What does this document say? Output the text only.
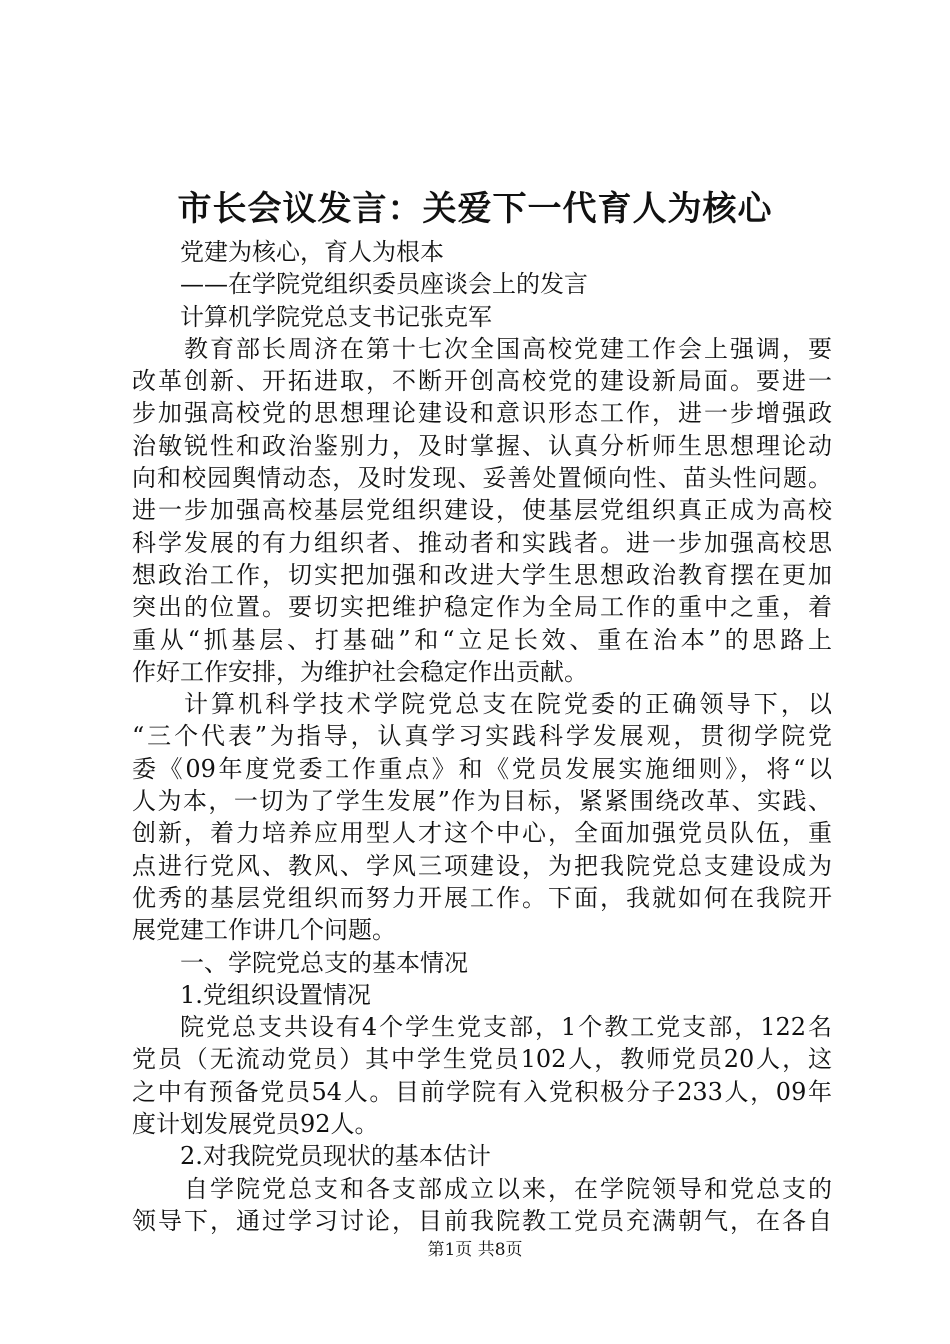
市长会议发言：关爱下一代育人为核心
党建为核心，育人为根本
——在学院党组织委员座谈会上的发言
计算机学院党总支书记张克军
教育部长周济在第十七次全国高校党建工作会上强调，要
改革创新、开拓进取，不断开创高校党的建设新局面。要进一
步加强高校党的思想理论建设和意识形态工作，进一步增强政
治敏锐性和政治鉴别力，及时掌握、认真分析师生思想理论动
向和校园舆情动态，及时发现、妥善处置倾向性、苗头性问题。
进一步加强高校基层党组织建设，使基层党组织真正成为高校
科学发展的有力组织者、推动者和实践者。进一步加强高校思
想政治工作，切实把加强和改进大学生思想政治教育摆在更加
突出的位置。要切实把维护稳定作为全局工作的重中之重，着
重从“抓基层、打基础”和“立足长效、重在治本”的思路上
作好工作安排，为维护社会稳定作出贡献。
计算机科学技术学院党总支在院党委的正确领导下，以
“三个代表”为指导，认真学习实践科学发展观，贯彻学院党
委《09年度党委工作重点》和《党员发展实施细则》，将“以
人为本，一切为了学生发展”作为目标，紧紧围绕改革、实践、
创新，着力培养应用型人才这个中心，全面加强党员队伍，重
点进行党风、教风、学风三项建设，为把我院党总支建设成为
优秀的基层党组织而努力开展工作。下面，我就如何在我院开
展党建工作讲几个问题。
一、学院党总支的基本情况
1.党组织设置情况
院党总支共设有4个学生党支部，1个教工党支部，122名
党员（无流动党员）其中学生党员102人，教师党员20人，这
之中有预备党员54人。目前学院有入党积极分子233人，09年
度计划发展党员92人。
2.对我院党员现状的基本估计
自学院党总支和各支部成立以来，在学院领导和党总支的
领导下，通过学习讨论，目前我院教工党员充满朝气，在各自
第1页 共8页
